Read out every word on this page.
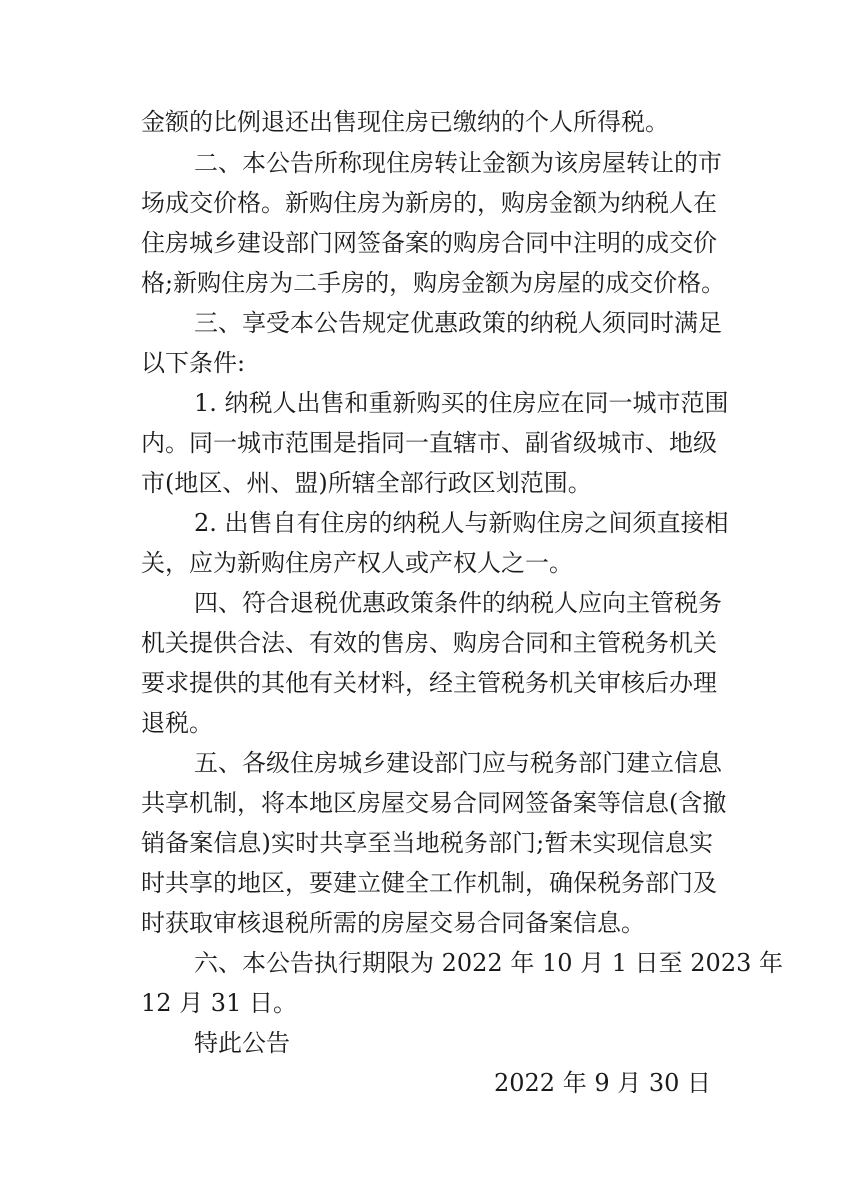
金额的比例退还出售现住房已缴纳的个人所得税。

二、本公告所称现住房转让金额为该房屋转让的市

场成交价格。新购住房为新房的，购房金额为纳税人在

住房城乡建设部门网签备案的购房合同中注明的成交价

格;新购住房为二手房的，购房金额为房屋的成交价格。

三、享受本公告规定优惠政策的纳税人须同时满足

以下条件:

1. 纳税人出售和重新购买的住房应在同一城市范围

内。同一城市范围是指同一直辖市、副省级城市、地级

市(地区、州、盟)所辖全部行政区划范围。

2. 出售自有住房的纳税人与新购住房之间须直接相

关，应为新购住房产权人或产权人之一。

四、符合退税优惠政策条件的纳税人应向主管税务

机关提供合法、有效的售房、购房合同和主管税务机关

要求提供的其他有关材料，经主管税务机关审核后办理

退税。

五、各级住房城乡建设部门应与税务部门建立信息

共享机制，将本地区房屋交易合同网签备案等信息(含撤

销备案信息)实时共享至当地税务部门;暂未实现信息实

时共享的地区，要建立健全工作机制，确保税务部门及

时获取审核退税所需的房屋交易合同备案信息。

六、本公告执行期限为 2022 年 10 月 1 日至 2023 年

12 月 31 日。

特此公告

2022 年 9 月 30 日
